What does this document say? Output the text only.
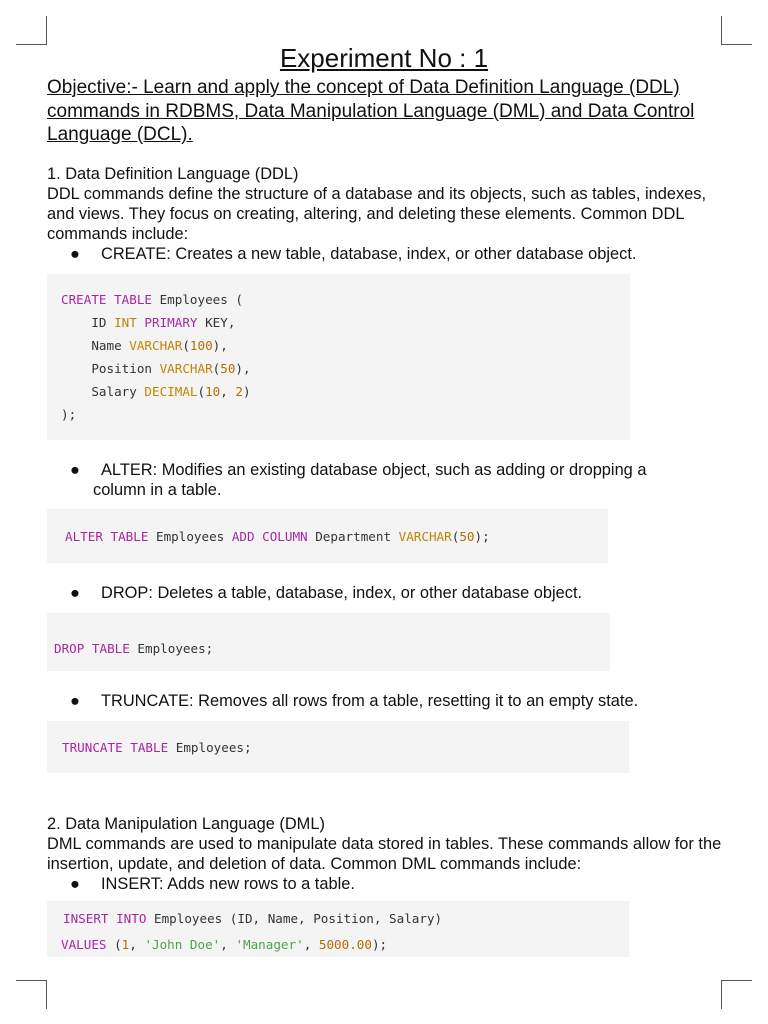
Experiment No : 1
Objective:- Learn and apply the concept of Data Definition Language (DDL) commands in RDBMS, Data Manipulation Language (DML) and Data Control Language (DCL).
1. Data Definition Language (DDL)
DDL commands define the structure of a database and its objects, such as tables, indexes, and views. They focus on creating, altering, and deleting these elements. Common DDL commands include:
● CREATE: Creates a new table, database, index, or other database object.

CREATE TABLE Employees (

ID INT PRIMARY KEY,

Name VARCHAR(100),

Position VARCHAR(50),

Salary DECIMAL(10, 2)

);

● ALTER: Modifies an existing database object, such as adding or dropping a
column in a table.

ALTER TABLE Employees ADD COLUMN Department VARCHAR(50);

● DROP: Deletes a table, database, index, or other database object.

DROP TABLE Employees;

● TRUNCATE: Removes all rows from a table, resetting it to an empty state.

TRUNCATE TABLE Employees;

2. Data Manipulation Language (DML)
DML commands are used to manipulate data stored in tables. These commands allow for the insertion, update, and deletion of data. Common DML commands include:
● INSERT: Adds new rows to a table.

INSERT INTO Employees (ID, Name, Position, Salary)

VALUES (1, 'John Doe', 'Manager', 5000.00);
